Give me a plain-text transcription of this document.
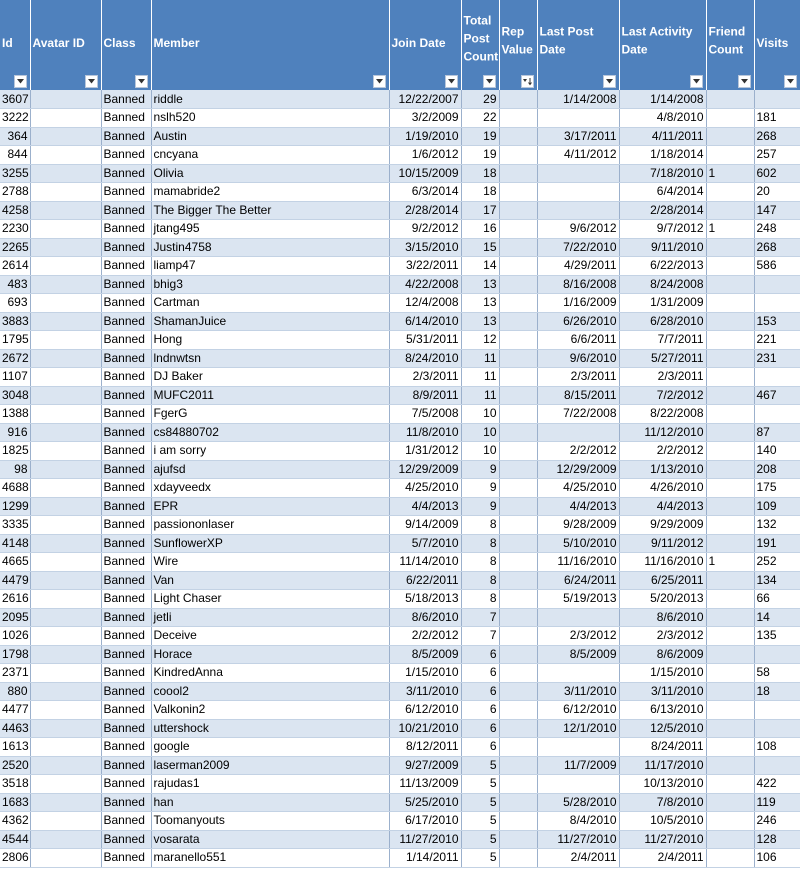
Id	Avatar ID	Class	Member	Join Date	Total Post Count	Rep Value	Last Post Date	Last Activity Date	Friend Count	Visits

3607		Banned	riddle	12/22/2007	29		1/14/2008	1/14/2008		
3222		Banned	nslh520	3/2/2009	22			4/8/2010		181
364		Banned	Austin	1/19/2010	19		3/17/2011	4/11/2011		268
844		Banned	cncyana	1/6/2012	19		4/11/2012	1/18/2014		257
3255		Banned	Olivia	10/15/2009	18			7/18/2010	1	602
2788		Banned	mamabride2	6/3/2014	18			6/4/2014		20
4258		Banned	The Bigger The Better	2/28/2014	17			2/28/2014		147
2230		Banned	jtang495	9/2/2012	16		9/6/2012	9/7/2012	1	248
2265		Banned	Justin4758	3/15/2010	15		7/22/2010	9/11/2010		268
2614		Banned	liamp47	3/22/2011	14		4/29/2011	6/22/2013		586
483		Banned	bhig3	4/22/2008	13		8/16/2008	8/24/2008		
693		Banned	Cartman	12/4/2008	13		1/16/2009	1/31/2009		
3883		Banned	ShamanJuice	6/14/2010	13		6/26/2010	6/28/2010		153
1795		Banned	Hong	5/31/2011	12		6/6/2011	7/7/2011		221
2672		Banned	lndnwtsn	8/24/2010	11		9/6/2010	5/27/2011		231
1107		Banned	DJ Baker	2/3/2011	11		2/3/2011	2/3/2011		
3048		Banned	MUFC2011	8/9/2011	11		8/15/2011	7/2/2012		467
1388		Banned	FgerG	7/5/2008	10		7/22/2008	8/22/2008		
916		Banned	cs84880702	11/8/2010	10			11/12/2010		87
1825		Banned	i am sorry	1/31/2012	10		2/2/2012	2/2/2012		140
98		Banned	ajufsd	12/29/2009	9		12/29/2009	1/13/2010		208
4688		Banned	xdayveedx	4/25/2010	9		4/25/2010	4/26/2010		175
1299		Banned	EPR	4/4/2013	9		4/4/2013	4/4/2013		109
3335		Banned	passiononlaser	9/14/2009	8		9/28/2009	9/29/2009		132
4148		Banned	SunflowerXP	5/7/2010	8		5/10/2010	9/11/2012		191
4665		Banned	Wire	11/14/2010	8		11/16/2010	11/16/2010	1	252
4479		Banned	Van	6/22/2011	8		6/24/2011	6/25/2011		134
2616		Banned	Light Chaser	5/18/2013	8		5/19/2013	5/20/2013		66
2095		Banned	jetli	8/6/2010	7			8/6/2010		14
1026		Banned	Deceive	2/2/2012	7		2/3/2012	2/3/2012		135
1798		Banned	Horace	8/5/2009	6		8/5/2009	8/6/2009		
2371		Banned	KindredAnna	1/15/2010	6			1/15/2010		58
880		Banned	coool2	3/11/2010	6		3/11/2010	3/11/2010		18
4477		Banned	Valkonin2	6/12/2010	6		6/12/2010	6/13/2010		
4463		Banned	uttershock	10/21/2010	6		12/1/2010	12/5/2010		
1613		Banned	google	8/12/2011	6			8/24/2011		108
2520		Banned	laserman2009	9/27/2009	5		11/7/2009	11/17/2010		
3518		Banned	rajudas1	11/13/2009	5			10/13/2010		422
1683		Banned	han	5/25/2010	5		5/28/2010	7/8/2010		119
4362		Banned	Toomanyouts	6/17/2010	5		8/4/2010	10/5/2010		246
4544		Banned	vosarata	11/27/2010	5		11/27/2010	11/27/2010		128
2806		Banned	maranello551	1/14/2011	5		2/4/2011	2/4/2011		106
